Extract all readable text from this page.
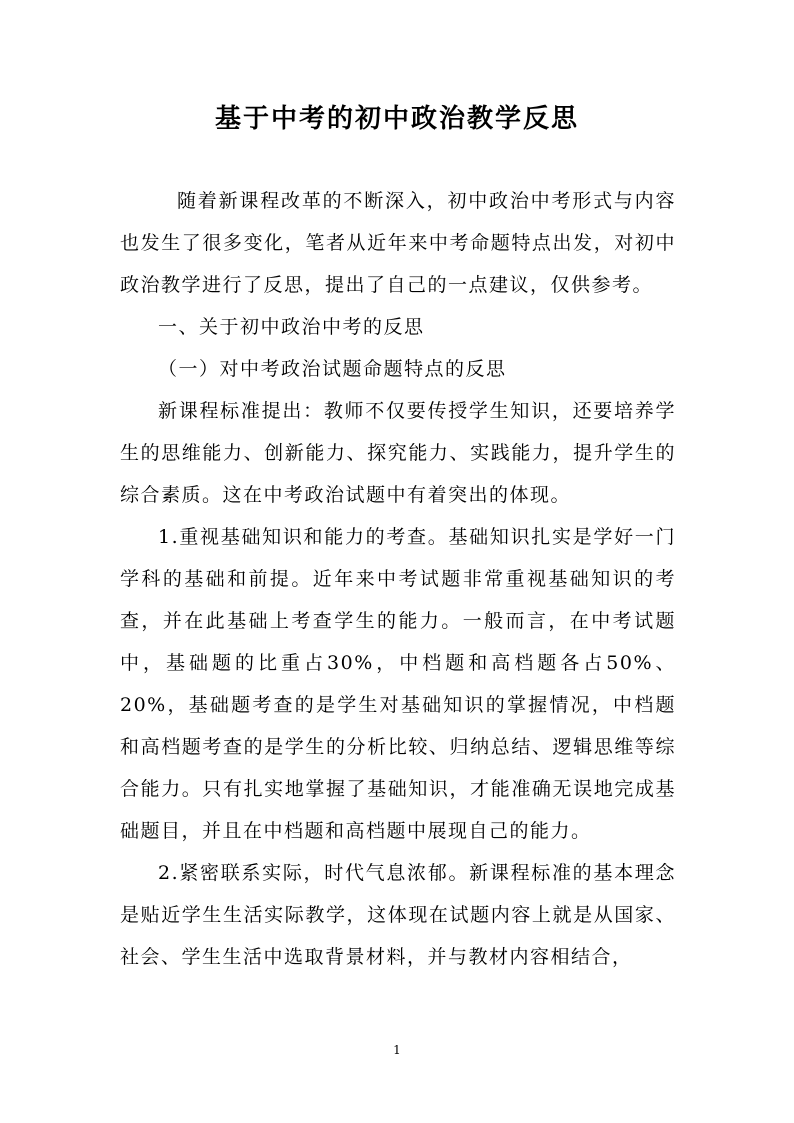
基于中考的初中政治教学反思

随着新课程改革的不断深入，初中政治中考形式与内容也发生了很多变化，笔者从近年来中考命题特点出发，对初中政治教学进行了反思，提出了自己的一点建议，仅供参考。

一、关于初中政治中考的反思

（一）对中考政治试题命题特点的反思

新课程标准提出：教师不仅要传授学生知识，还要培养学生的思维能力、创新能力、探究能力、实践能力，提升学生的综合素质。这在中考政治试题中有着突出的体现。

1.重视基础知识和能力的考查。基础知识扎实是学好一门学科的基础和前提。近年来中考试题非常重视基础知识的考查，并在此基础上考查学生的能力。一般而言，在中考试题中，基础题的比重占30%，中档题和高档题各占50%、20%，基础题考查的是学生对基础知识的掌握情况，中档题和高档题考查的是学生的分析比较、归纳总结、逻辑思维等综合能力。只有扎实地掌握了基础知识，才能准确无误地完成基础题目，并且在中档题和高档题中展现自己的能力。

2.紧密联系实际，时代气息浓郁。新课程标准的基本理念是贴近学生生活实际教学，这体现在试题内容上就是从国家、社会、学生生活中选取背景材料，并与教材内容相结合，

1
